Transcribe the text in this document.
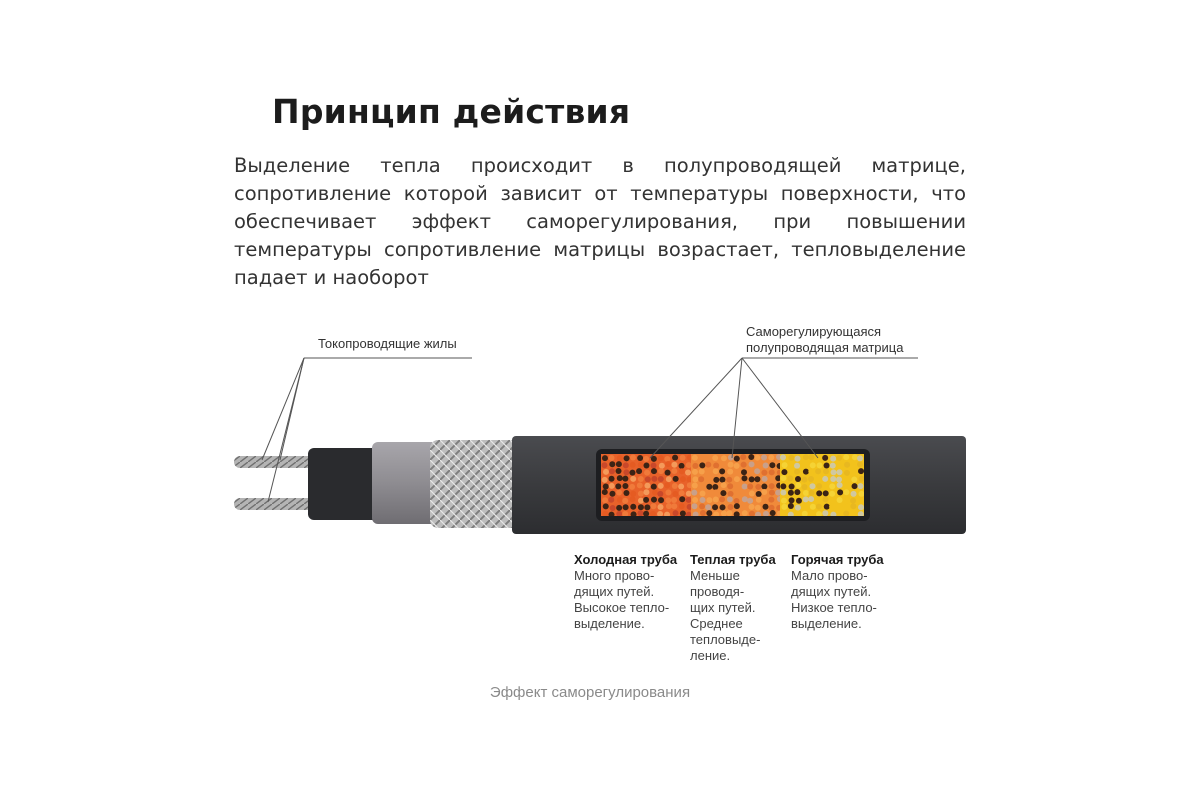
Принцип действия
Выделение тепла происходит в полупроводящей матрице, сопротивление которой зависит от температуры поверхности, что обеспечивает эффект саморегулирования, при повышении температуры сопротивление матрицы возрастает, тепловыделение падает и наоборот
Токопроводящие жилы
Саморегулирующаяся
полупроводящая матрица
Холодная труба
Много прово-
дящих путей.
Высокое тепло-
выделение.
Теплая труба
Меньше
проводя-
щих путей.
Среднее
тепловыде-
ление.
Горячая труба
Мало прово-
дящих путей.
Низкое тепло-
выделение.
Эффект саморегулирования
